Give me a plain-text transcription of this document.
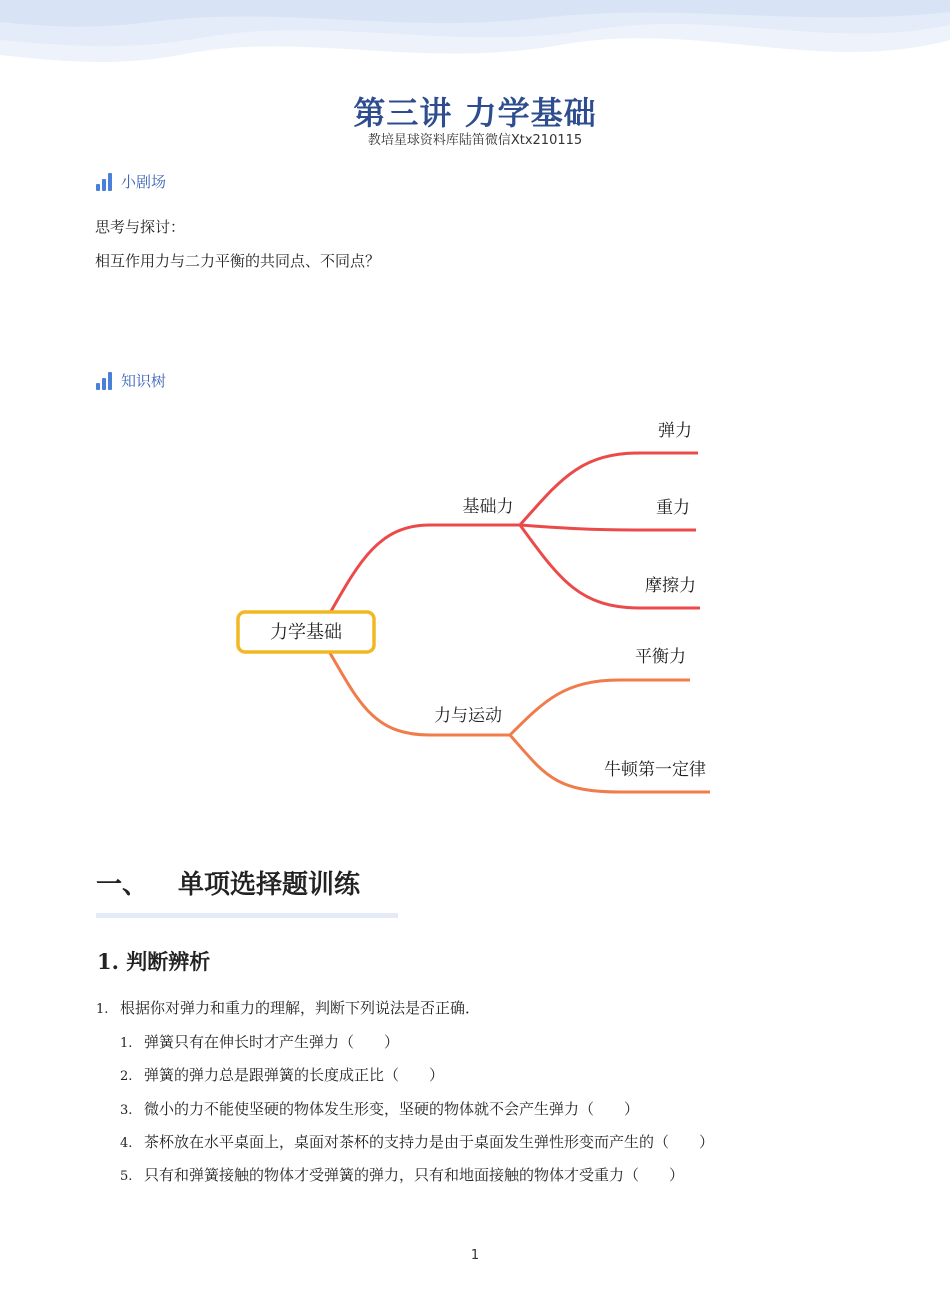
第三讲 力学基础
教培星球资料库陆笛微信Xtx210115
小剧场
思考与探讨：
相互作用力与二力平衡的共同点、不同点？
知识树
力学基础
基础力
力与运动
弹力
重力
摩擦力
平衡力
牛顿第一定律
一、 单项选择题训练
1. 判断辨析
1. 根据你对弹力和重力的理解，判断下列说法是否正确．
1. 弹簧只有在伸长时才产生弹力（　　）
2. 弹簧的弹力总是跟弹簧的长度成正比（　　）
3. 微小的力不能使坚硬的物体发生形变，坚硬的物体就不会产生弹力（　　）
4. 茶杯放在水平桌面上，桌面对茶杯的支持力是由于桌面发生弹性形变而产生的（　　）
5. 只有和弹簧接触的物体才受弹簧的弹力，只有和地面接触的物体才受重力（　　）
1
